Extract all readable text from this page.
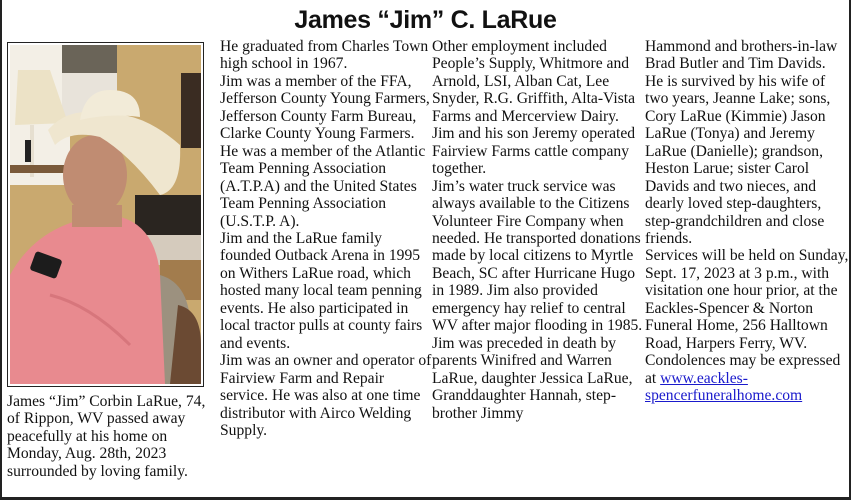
James “Jim” C. LaRue
James “Jim” Corbin LaRue, 74, of Rippon, WV passed away peacefully at his home on Monday, Aug. 28th, 2023 surrounded by loving family.

He graduated from Charles Town high school in 1967.

Jim was a member of the FFA, Jefferson County Young Farmers, Jefferson County Farm Bureau, Clarke County Young Farmers. He was a member of the Atlantic Team Penning Association (A.T.P.A) and the United States Team Penning Association (U.S.T.P. A).

Jim and the LaRue family founded Outback Arena in 1995 on Withers LaRue road, which hosted many local team penning events. He also participated in local tractor pulls at county fairs and events.

Jim was an owner and operator of Fairview Farm and Repair service. He was also at one time distributor with Airco Welding Supply.

Other employment included People’s Supply, Whitmore and Arnold, LSI, Alban Cat, Lee Snyder, R.G. Griffith, Alta-Vista Farms and Mercerview Dairy. Jim and his son Jeremy operated Fairview Farms cattle company together.

Jim’s water truck service was always available to the Citizens Volunteer Fire Company when needed. He transported donations made by local citizens to Myrtle Beach, SC after Hurricane Hugo in 1989. Jim also provided emergency hay relief to central WV after major flooding in 1985.

Jim was preceded in death by parents Winifred and Warren LaRue, daughter Jessica LaRue, Granddaughter Hannah, step-brother Jimmy

Hammond and brothers-in-law Brad Butler and Tim Davids.

He is survived by his wife of two years, Jeanne Lake; sons, Cory LaRue (Kimmie) Jason LaRue (Tonya) and Jeremy LaRue (Danielle); grandson, Heston Larue; sister Carol Davids and two nieces, and dearly loved step-daughters, step-grandchildren and close friends.

Services will be held on Sunday, Sept. 17, 2023 at 3 p.m., with visitation one hour prior, at the Eackles-Spencer & Norton Funeral Home, 256 Halltown Road, Harpers Ferry, WV.

Condolences may be expressed at www.eackles-spencerfuneralhome.com
